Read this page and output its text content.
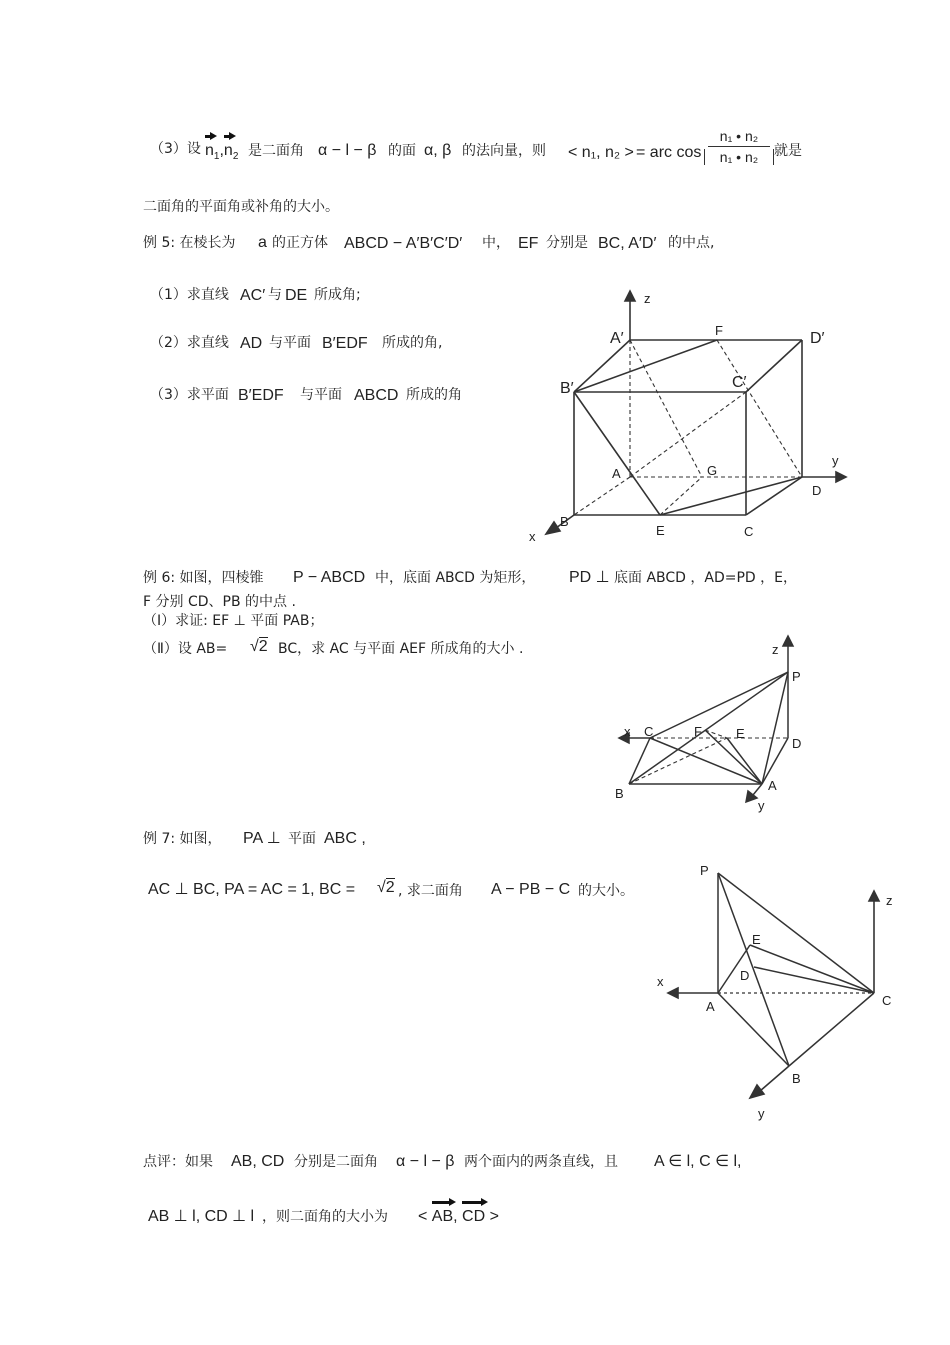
（3）设 $n_1,n_2$ 是二面角 α − l − β 的面 α, β 的法向量，则 < n₁, n₂ > = arc cos
n₁ • n₂
n₁ • n₂	就是
二面角的平面角或补角的大小。
例 5: 在棱长为 a 的正方体 ABCD − A′B′C′D′ 中， EF 分别是 BC, A′D′ 的中点,
（1）求直线 AC′ 与 DE 所成角;
（2）求直线 AD 与平面 B′EDF 所成的角,
（3）求平面 B′EDF 与平面 ABCD 所成的角
z
y
x
A′	F	D′
B′	C′
A	G
D
B
E	C
例 6: 如图，四棱锥 P − ABCD 中，底面 ABCD 为矩形， PD ⊥ 底面 ABCD ，AD=PD ，E，
F 分别 CD、PB 的中点 .
（Ⅰ）求证: EF ⊥ 平面 PAB；
（Ⅱ）设 AB= √2 BC，求 AC 与平面 AEF 所成角的大小 .	z
P
x C	F	E
D
A
B
y
例 7: 如图， PA ⊥ 平面 ABC ,
AC ⊥ BC, PA = AC = 1, BC = √2 , 求二面角 A − PB − C 的大小。
P
z
E
D
x
A	C
B
y
点评：如果 AB, CD 分别是二面角 α − l − β 两个面内的两条直线，且 A ∈ l, C ∈ l,
AB ⊥ l, CD ⊥ l ，则二面角的大小为 < AB, CD >
